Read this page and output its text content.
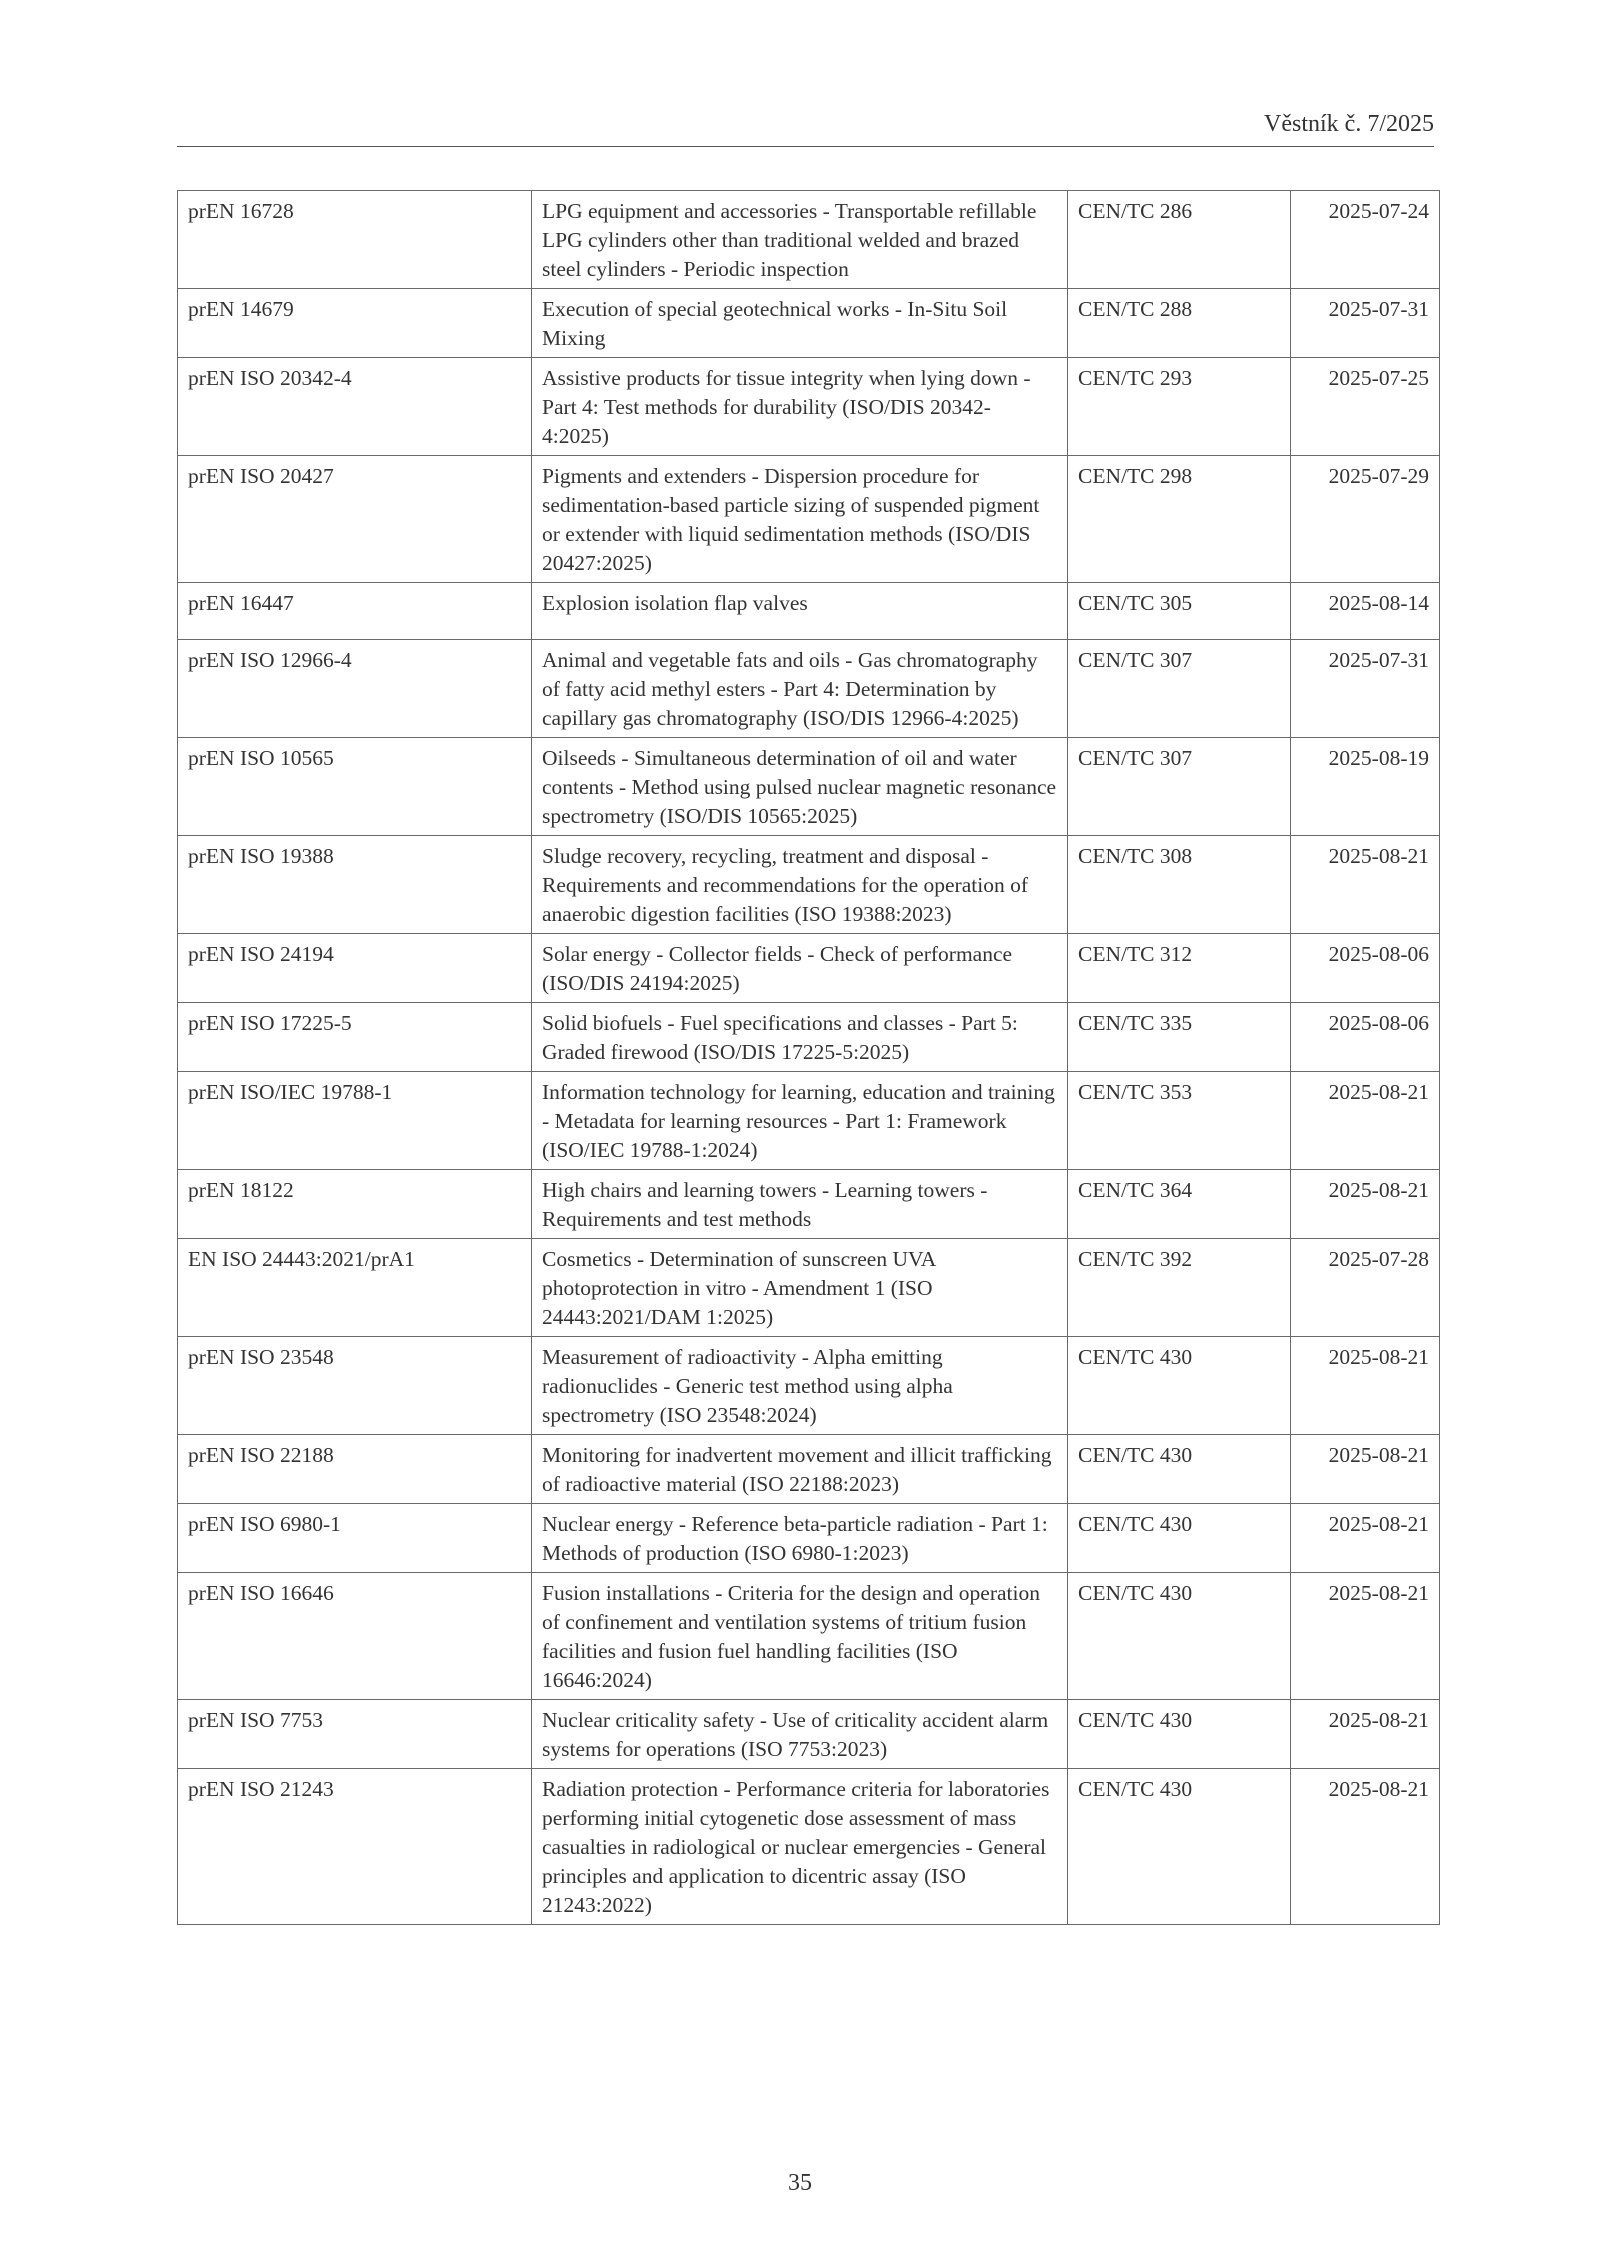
Věstník č. 7/2025
prEN 16728	LPG equipment and accessories - Transportable refillable LPG cylinders other than traditional welded and brazed steel cylinders - Periodic inspection	CEN/TC 286	2025-07-24
prEN 14679	Execution of special geotechnical works - In-Situ Soil Mixing	CEN/TC 288	2025-07-31
prEN ISO 20342-4	Assistive products for tissue integrity when lying down - Part 4: Test methods for durability (ISO/DIS 20342-4:2025)	CEN/TC 293	2025-07-25
prEN ISO 20427	Pigments and extenders - Dispersion procedure for sedimentation-based particle sizing of suspended pigment or extender with liquid sedimentation methods (ISO/DIS 20427:2025)	CEN/TC 298	2025-07-29
prEN 16447	Explosion isolation flap valves	CEN/TC 305	2025-08-14
prEN ISO 12966-4	Animal and vegetable fats and oils - Gas chromatography of fatty acid methyl esters - Part 4: Determination by capillary gas chromatography (ISO/DIS 12966-4:2025)	CEN/TC 307	2025-07-31
prEN ISO 10565	Oilseeds - Simultaneous determination of oil and water contents - Method using pulsed nuclear magnetic resonance spectrometry (ISO/DIS 10565:2025)	CEN/TC 307	2025-08-19
prEN ISO 19388	Sludge recovery, recycling, treatment and disposal - Requirements and recommendations for the operation of anaerobic digestion facilities (ISO 19388:2023)	CEN/TC 308	2025-08-21
prEN ISO 24194	Solar energy - Collector fields - Check of performance (ISO/DIS 24194:2025)	CEN/TC 312	2025-08-06
prEN ISO 17225-5	Solid biofuels - Fuel specifications and classes - Part 5: Graded firewood (ISO/DIS 17225-5:2025)	CEN/TC 335	2025-08-06
prEN ISO/IEC 19788-1	Information technology for learning, education and training - Metadata for learning resources - Part 1: Framework (ISO/IEC 19788-1:2024)	CEN/TC 353	2025-08-21
prEN 18122	High chairs and learning towers - Learning towers - Requirements and test methods	CEN/TC 364	2025-08-21
EN ISO 24443:2021/prA1	Cosmetics - Determination of sunscreen UVA photoprotection in vitro - Amendment 1 (ISO 24443:2021/DAM 1:2025)	CEN/TC 392	2025-07-28
prEN ISO 23548	Measurement of radioactivity - Alpha emitting radionuclides - Generic test method using alpha spectrometry (ISO 23548:2024)	CEN/TC 430	2025-08-21
prEN ISO 22188	Monitoring for inadvertent movement and illicit trafficking of radioactive material (ISO 22188:2023)	CEN/TC 430	2025-08-21
prEN ISO 6980-1	Nuclear energy - Reference beta-particle radiation - Part 1: Methods of production (ISO 6980-1:2023)	CEN/TC 430	2025-08-21
prEN ISO 16646	Fusion installations - Criteria for the design and operation of confinement and ventilation systems of tritium fusion facilities and fusion fuel handling facilities (ISO 16646:2024)	CEN/TC 430	2025-08-21
prEN ISO 7753	Nuclear criticality safety - Use of criticality accident alarm systems for operations (ISO 7753:2023)	CEN/TC 430	2025-08-21
prEN ISO 21243	Radiation protection - Performance criteria for laboratories performing initial cytogenetic dose assessment of mass casualties in radiological or nuclear emergencies - General principles and application to dicentric assay (ISO 21243:2022)	CEN/TC 430	2025-08-21
35
